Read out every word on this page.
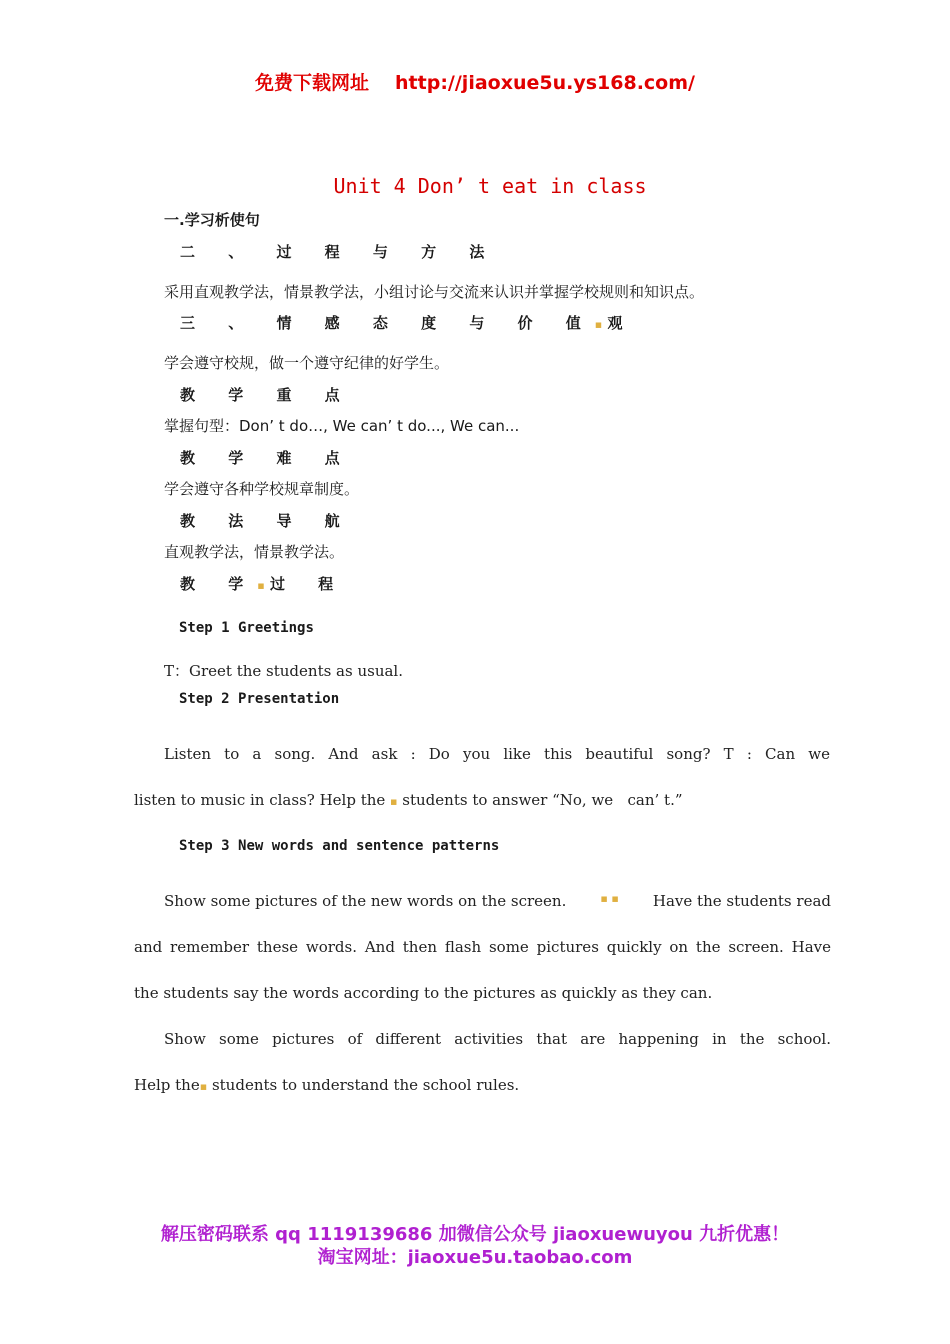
免费下载网址 http://jiaoxue5u.ys168.com/
Unit 4 Don’ t eat in class
一.学习析使句
二 、 过 程 与 方 法
采用直观教学法，情景教学法，小组讨论与交流来认识并掌握学校规则和知识点。
三 、 情 感 态 度 与 价 值▪ 观
学会遵守校规，做一个遵守纪律的好学生。
教 学 重 点
掌握句型：Don’ t do…, We can’ t do..., We can...
教 学 难 点
学会遵守各种学校规章制度。
教 法 导 航
直观教学法，情景教学法。
教 学▪ 过 程
Step 1 Greetings
T：Greet the students as usual.
Step 2 Presentation
Listen to a song. And ask : Do you like this beautiful song? T : Can we
listen to music in class? Help the ▪ students to answer “No, we can’ t.”
Step 3 New words and sentence patterns
Show some pictures of the new words on the screen.	▪ ▪ Have the students read
and remember these words. And then flash some pictures quickly on the screen. Have
the students say the words according to the pictures as quickly as they can.
Show some pictures of different activities that are happening in the school.
Help the▪ students to understand the school rules.
解压密码联系 qq 1119139686 加微信公众号 jiaoxuewuyou 九折优惠！
淘宝网址：jiaoxue5u.taobao.com
